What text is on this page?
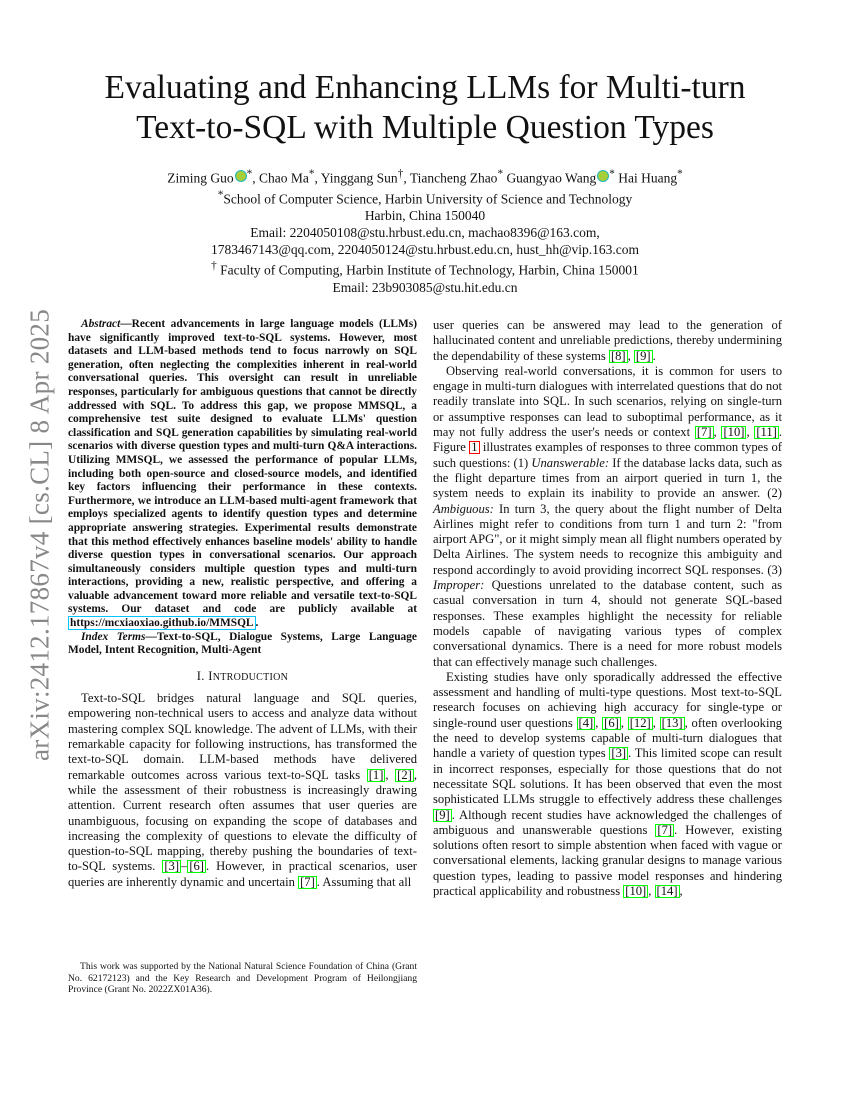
arXiv:2412.17867v4 [cs.CL] 8 Apr 2025
Evaluating and Enhancing LLMs for Multi-turn
Text-to-SQL with Multiple Question Types
Ziming Guo *, Chao Ma*, Yinggang Sun†, Tiancheng Zhao* Guangyao Wang * Hai Huang*
*School of Computer Science, Harbin University of Science and Technology
Harbin, China 150040
Email: 2204050108@stu.hrbust.edu.cn, machao8396@163.com,
1783467143@qq.com, 2204050124@stu.hrbust.edu.cn, hust_hh@vip.163.com
† Faculty of Computing, Harbin Institute of Technology, Harbin, China 150001
Email: 23b903085@stu.hit.edu.cn

Abstract—Recent advancements in large language models (LLMs) have significantly improved text-to-SQL systems. However, most datasets and LLM-based methods tend to focus narrowly on SQL generation, often neglecting the complexities inherent in real-world conversational queries. This oversight can result in unreliable responses, particularly for ambiguous questions that cannot be directly addressed with SQL. To address this gap, we propose MMSQL, a comprehensive test suite designed to evaluate LLMs' question classification and SQL generation capabilities by simulating real-world scenarios with diverse question types and multi-turn Q&A interactions. Utilizing MMSQL, we assessed the performance of popular LLMs, including both open-source and closed-source models, and identified key factors influencing their performance in these contexts. Furthermore, we introduce an LLM-based multi-agent framework that employs specialized agents to identify question types and determine appropriate answering strategies. Experimental results demonstrate that this method effectively enhances baseline models' ability to handle diverse question types in conversational scenarios. Our approach simultaneously considers multiple question types and multi-turn interactions, providing a new, realistic perspective, and offering a valuable advancement toward more reliable and versatile text-to-SQL systems. Our dataset and code are publicly available at https://mcxiaoxiao.github.io/MMSQL .

Index Terms—Text-to-SQL, Dialogue Systems, Large Language Model, Intent Recognition, Multi-Agent

I. INTRODUCTION

Text-to-SQL bridges natural language and SQL queries, empowering non-technical users to access and analyze data without mastering complex SQL knowledge. The advent of LLMs, with their remarkable capacity for following instructions, has transformed the text-to-SQL domain. LLM-based methods have delivered remarkable outcomes across various text-to-SQL tasks [1] , [2] , while the assessment of their robustness is increasingly drawing attention. Current research often assumes that user queries are unambiguous, focusing on expanding the scope of databases and increasing the complexity of questions to elevate the difficulty of question-to-SQL mapping, thereby pushing the boundaries of text-to-SQL systems. [3] – [6] . However, in practical scenarios, user queries are inherently dynamic and uncertain [7] . Assuming that all

This work was supported by the National Natural Science Foundation of China (Grant No. 62172123) and the Key Research and Development Program of Heilongjiang Province (Grant No. 2022ZX01A36).

user queries can be answered may lead to the generation of hallucinated content and unreliable predictions, thereby undermining the dependability of these systems [8] , [9] .

Observing real-world conversations, it is common for users to engage in multi-turn dialogues with interrelated questions that do not readily translate into SQL. In such scenarios, relying on single-turn or assumptive responses can lead to suboptimal performance, as it may not fully address the user's needs or context [7] , [10] , [11] . Figure 1 illustrates examples of responses to three common types of such questions: (1) Unanswerable: If the database lacks data, such as the flight departure times from an airport queried in turn 1, the system needs to explain its inability to provide an answer. (2) Ambiguous: In turn 3, the query about the flight number of Delta Airlines might refer to conditions from turn 1 and turn 2: "from airport APG", or it might simply mean all flight numbers operated by Delta Airlines. The system needs to recognize this ambiguity and respond accordingly to avoid providing incorrect SQL responses. (3) Improper: Questions unrelated to the database content, such as casual conversation in turn 4, should not generate SQL-based responses. These examples highlight the necessity for reliable models capable of navigating various types of complex conversational dynamics. There is a need for more robust models that can effectively manage such challenges.

Existing studies have only sporadically addressed the effective assessment and handling of multi-type questions. Most text-to-SQL research focuses on achieving high accuracy for single-type or single-round user questions [4] , [6] , [12] , [13] , often overlooking the need to develop systems capable of multi-turn dialogues that handle a variety of question types [3] . This limited scope can result in incorrect responses, especially for those questions that do not necessitate SQL solutions. It has been observed that even the most sophisticated LLMs struggle to effectively address these challenges [9] . Although recent studies have acknowledged the challenges of ambiguous and unanswerable questions [7] . However, existing solutions often resort to simple abstention when faced with vague or conversational elements, lacking granular designs to manage various question types, leading to passive model responses and hindering practical applicability and robustness [10] , [14] ,
